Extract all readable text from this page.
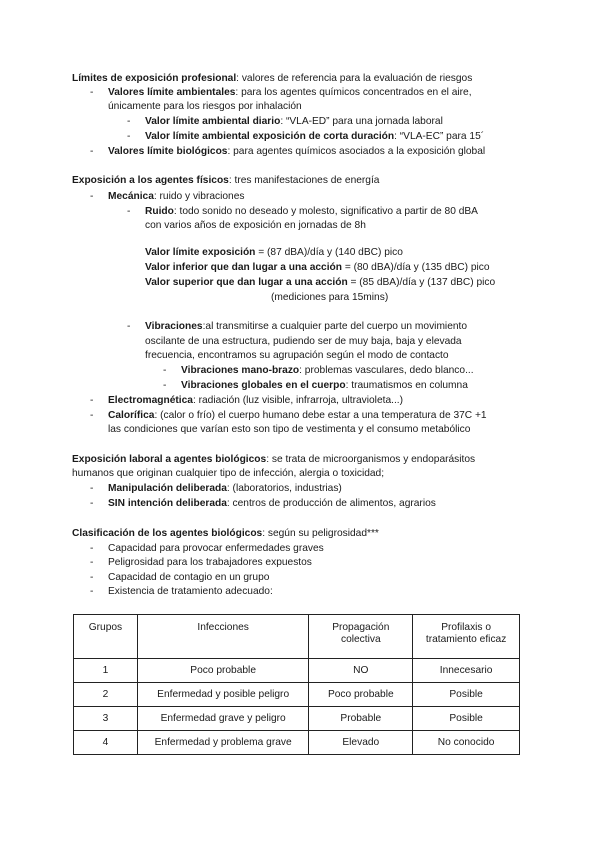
Límites de exposición profesional: valores de referencia para la evaluación de riesgos
- Valores límite ambientales: para los agentes químicos concentrados en el aire,
únicamente para los riesgos por inhalación
- Valor límite ambiental diario: “VLA-ED” para una jornada laboral
- Valor límite ambiental exposición de corta duración: “VLA-EC” para 15´
- Valores límite biológicos: para agentes químicos asociados a la exposición global
Exposición a los agentes físicos: tres manifestaciones de energía
- Mecánica: ruido y vibraciones
- Ruido: todo sonido no deseado y molesto, significativo a partir de 80 dBA
con varios años de exposición en jornadas de 8h
Valor límite exposición = (87 dBA)/día y (140 dBC) pico
Valor inferior que dan lugar a una acción = (80 dBA)/día y (135 dBC) pico
Valor superior que dan lugar a una acción = (85 dBA)/día y (137 dBC) pico
(mediciones para 15mins)
- Vibraciones:al transmitirse a cualquier parte del cuerpo un movimiento
oscilante de una estructura, pudiendo ser de muy baja, baja y elevada
frecuencia, encontramos su agrupación según el modo de contacto
- Vibraciones mano-brazo: problemas vasculares, dedo blanco...
- Vibraciones globales en el cuerpo: traumatismos en columna
- Electromagnética: radiación (luz visible, infrarroja, ultravioleta...)
- Calorífica: (calor o frío) el cuerpo humano debe estar a una temperatura de 37C +1
las condiciones que varían esto son tipo de vestimenta y el consumo metabólico
Exposición laboral a agentes biológicos: se trata de microorganismos y endoparásitos
humanos que originan cualquier tipo de infección, alergia o toxicidad;
- Manipulación deliberada: (laboratorios, industrias)
- SIN intención deliberada: centros de producción de alimentos, agrarios
Clasificación de los agentes biológicos: según su peligrosidad***
- Capacidad para provocar enfermedades graves
- Peligrosidad para los trabajadores expuestos
- Capacidad de contagio en un grupo
- Existencia de tratamiento adecuado:
Grupos	Infecciones	Propagación colectiva	Profilaxis o tratamiento eficaz
1	Poco probable	NO	Innecesario
2	Enfermedad y posible peligro	Poco probable	Posible
3	Enfermedad grave y peligro	Probable	Posible
4	Enfermedad y problema grave	Elevado	No conocido
